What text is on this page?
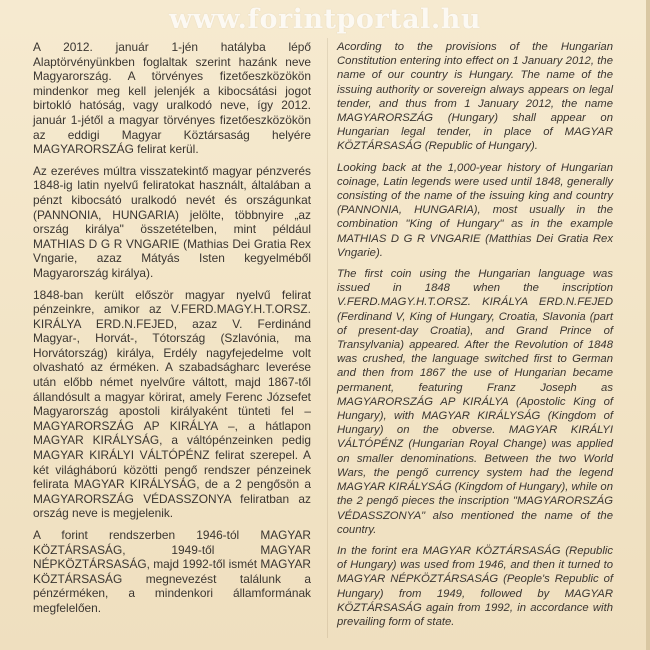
www.forintportal.hu

A 2012. január 1-jén hatályba lépő Alaptörvényünkben foglaltak szerint hazánk neve Magyarország. A törvényes fizetőeszközökön mindenkor meg kell jelenjék a kibocsátási jogot birtokló hatóság, vagy uralkodó neve, így 2012. január 1-jétől a magyar törvényes fizetőeszközökön az eddigi Magyar Köztársaság helyére MAGYARORSZÁG felirat kerül.

Az ezeréves múltra visszatekintő magyar pénzverés 1848-ig latin nyelvű feliratokat használt, általában a pénzt kibocsátó uralkodó nevét és országunkat (PANNONIA, HUNGARIA) jelölte, többnyire „az ország királya" összetételben, mint például MATHIAS D G R VNGARIE (Mathias Dei Gratia Rex Vngarie, azaz Mátyás Isten kegyelméből Magyarország királya).

1848-ban került először magyar nyelvű felirat pénzeinkre, amikor az V.FERD.MAGY.H.T.ORSZ. KIRÁLYA ERD.N.FEJED, azaz V. Ferdinánd Magyar-, Horvát-, Tótország (Szlavónia, ma Horvátország) királya, Erdély nagyfejedelme volt olvasható az érméken. A szabadságharc leverése után előbb német nyelvűre váltott, majd 1867-től állandósult a magyar körirat, amely Ferenc Józsefet Magyarország apostoli királyaként tünteti fel – MAGYARORSZÁG AP KIRÁLYA –, a hátlapon MAGYAR KIRÁLYSÁG, a váltópénzeinken pedig MAGYAR KIRÁLYI VÁLTÓPÉNZ felirat szerepel. A két világháború közötti pengő rendszer pénzeinek felirata MAGYAR KIRÁLYSÁG, de a 2 pengősön a MAGYARORSZÁG VÉDASSZONYA feliratban az ország neve is megjelenik.

A forint rendszerben 1946-tól MAGYAR KÖZTÁRSASÁG, 1949-től MAGYAR NÉPKÖZTÁRSASÁG, majd 1992-től ismét MAGYAR KÖZTÁRSASÁG megnevezést találunk a pénzérméken, a mindenkori államformának megfelelően.

Acording to the provisions of the Hungarian Constitution entering into effect on 1 January 2012, the name of our country is Hungary. The name of the issuing authority or sovereign always appears on legal tender, and thus from 1 January 2012, the name MAGYARORSZÁG (Hungary) shall appear on Hungarian legal tender, in place of MAGYAR KÖZTÁRSASÁG (Republic of Hungary).

Looking back at the 1,000-year history of Hungarian coinage, Latin legends were used until 1848, generally consisting of the name of the issuing king and country (PANNONIA, HUNGARIA), most usually in the combination "King of Hungary" as in the example MATHIAS D G R VNGARIE (Matthias Dei Gratia Rex Vngarie).

The first coin using the Hungarian language was issued in 1848 when the inscription V.FERD.MAGY.H.T.ORSZ. KIRÁLYA ERD.N.FEJED (Ferdinand V, King of Hungary, Croatia, Slavonia (part of present-day Croatia), and Grand Prince of Transylvania) appeared. After the Revolution of 1848 was crushed, the language switched first to German and then from 1867 the use of Hungarian became permanent, featuring Franz Joseph as MAGYARORSZÁG AP KIRÁLYA (Apostolic King of Hungary), with MAGYAR KIRÁLYSÁG (Kingdom of Hungary) on the obverse. MAGYAR KIRÁLYI VÁLTÓPÉNZ (Hungarian Royal Change) was applied on smaller denominations. Between the two World Wars, the pengő currency system had the legend MAGYAR KIRÁLYSÁG (Kingdom of Hungary), while on the 2 pengő pieces the inscription "MAGYARORSZÁG VÉDASSZONYA" also mentioned the name of the country.

In the forint era MAGYAR KÖZTÁRSASÁG (Republic of Hungary) was used from 1946, and then it turned to MAGYAR NÉPKÖZTÁRSASÁG (People's Republic of Hungary) from 1949, followed by MAGYAR KÖZTÁRSASÁG again from 1992, in accordance with prevailing form of state.
